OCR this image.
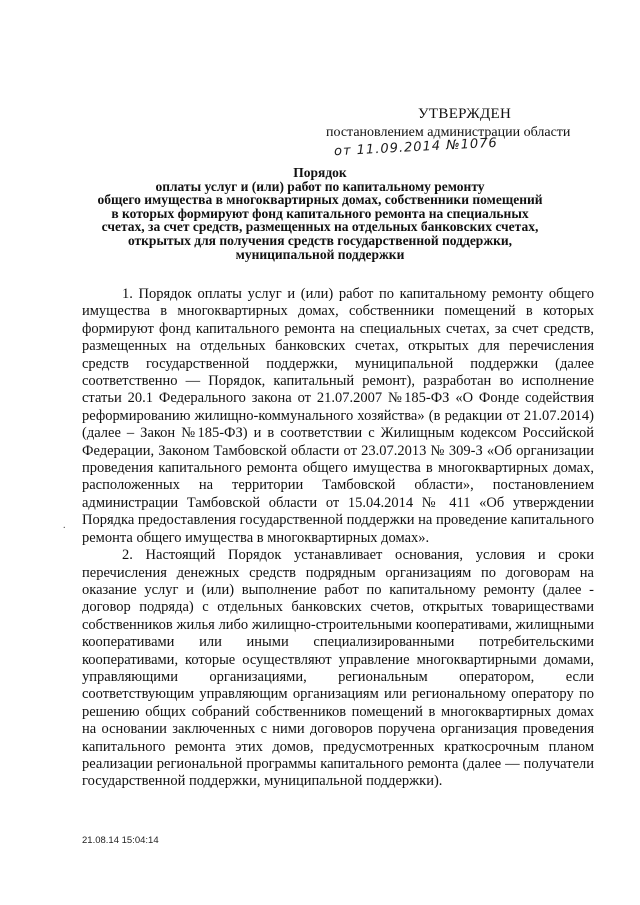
УТВЕРЖДЕН
постановлением администрации области
от 11.09.2014 №1076
Порядок
оплаты услуг и (или) работ по капитальному ремонту
общего имущества в многоквартирных домах, собственники помещений
в которых формируют фонд капитального ремонта на специальных
счетах, за счет средств, размещенных на отдельных банковских счетах,
открытых для получения средств государственной поддержки,
муниципальной поддержки
.

1. Порядок оплаты услуг и (или) работ по капитальному ремонту общего имущества в многоквартирных домах, собственники помещений в которых формируют фонд капитального ремонта на специальных счетах, за счет средств, размещенных на отдельных банковских счетах, открытых для перечисления средств государственной поддержки, муниципальной поддержки (далее соответственно — Порядок, капитальный ремонт), разработан во исполнение статьи 20.1 Федерального закона от 21.07.2007 №185-ФЗ «О Фонде содействия реформированию жилищно-коммунального хозяйства» (в редакции от 21.07.2014) (далее – Закон №185-ФЗ) и в соответствии с Жилищным кодексом Российской Федерации, Законом Тамбовской области от 23.07.2013 № 309-З «Об организации проведения капитального ремонта общего имущества в многоквартирных домах, расположенных на территории Тамбовской области», постановлением администрации Тамбовской области от 15.04.2014 № 411 «Об утверждении Порядка предоставления государственной поддержки на проведение капитального ремонта общего имущества в многоквартирных домах».

2. Настоящий Порядок устанавливает основания, условия и сроки перечисления денежных средств подрядным организациям по договорам на оказание услуг и (или) выполнение работ по капитальному ремонту (далее - договор подряда) с отдельных банковских счетов, открытых товариществами собственников жилья либо жилищно-строительными кооперативами, жилищными кооперативами или иными специализированными потребительскими кооперативами, которые осуществляют управление многоквартирными домами, управляющими организациями, региональным оператором, если соответствующим управляющим организациям или региональному оператору по решению общих собраний собственников помещений в многоквартирных домах на основании заключенных с ними договоров поручена организация проведения капитального ремонта этих домов, предусмотренных краткосрочным планом реализации региональной программы капитального ремонта (далее — получатели государственной поддержки, муниципальной поддержки).

21.08.14 15:04:14
